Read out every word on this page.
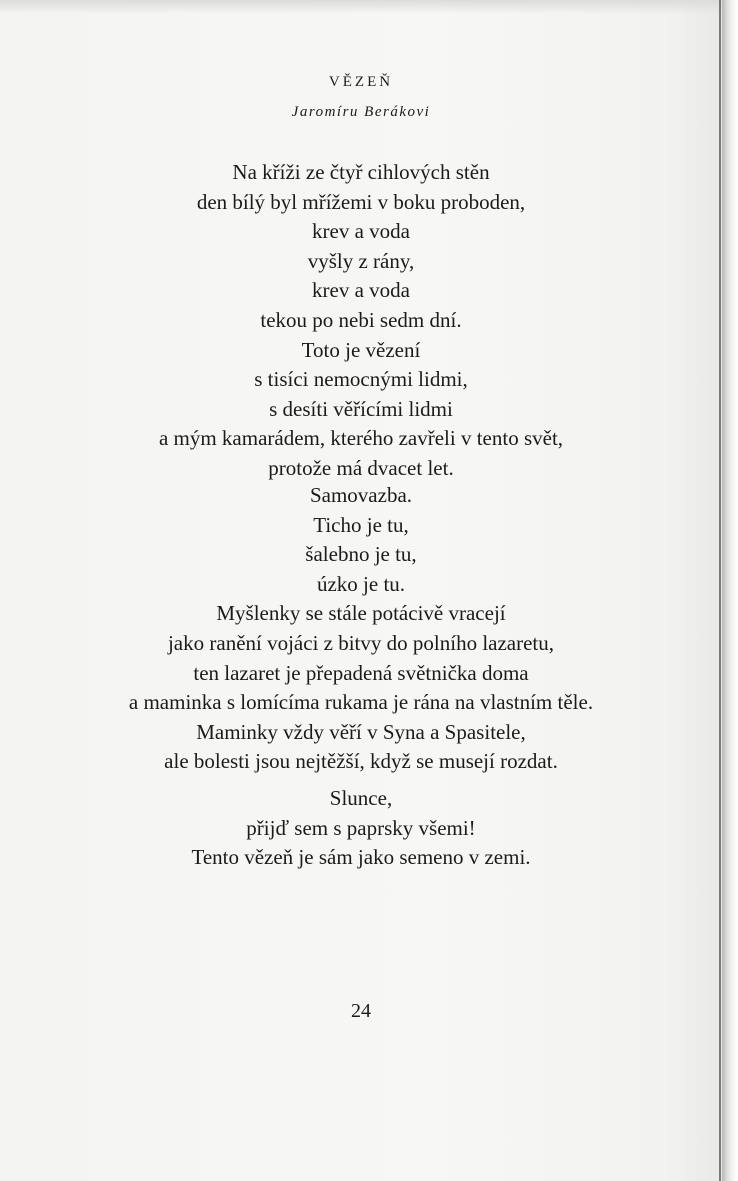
VĚZEŇ
Jaromíru Berákovi
Na kříži ze čtyř cihlových stěn
den bílý byl mřížemi v boku proboden,
krev a voda
vyšly z rány,
krev a voda
tekou po nebi sedm dní.
Toto je vězení
s tisíci nemocnými lidmi,
s desíti věřícími lidmi
a mým kamarádem, kterého zavřeli v tento svět,
protože má dvacet let.
Samovazba.
Ticho je tu,
šalebno je tu,
úzko je tu.
Myšlenky se stále potácivě vracejí
jako ranění vojáci z bitvy do polního lazaretu,
ten lazaret je přepadená světnička doma
a maminka s lomícíma rukama je rána na vlastním těle.
Maminky vždy věří v Syna a Spasitele,
ale bolesti jsou nejtěžší, když se musejí rozdat.
Slunce,
přijď sem s paprsky všemi!
Tento vězeň je sám jako semeno v zemi.
24
